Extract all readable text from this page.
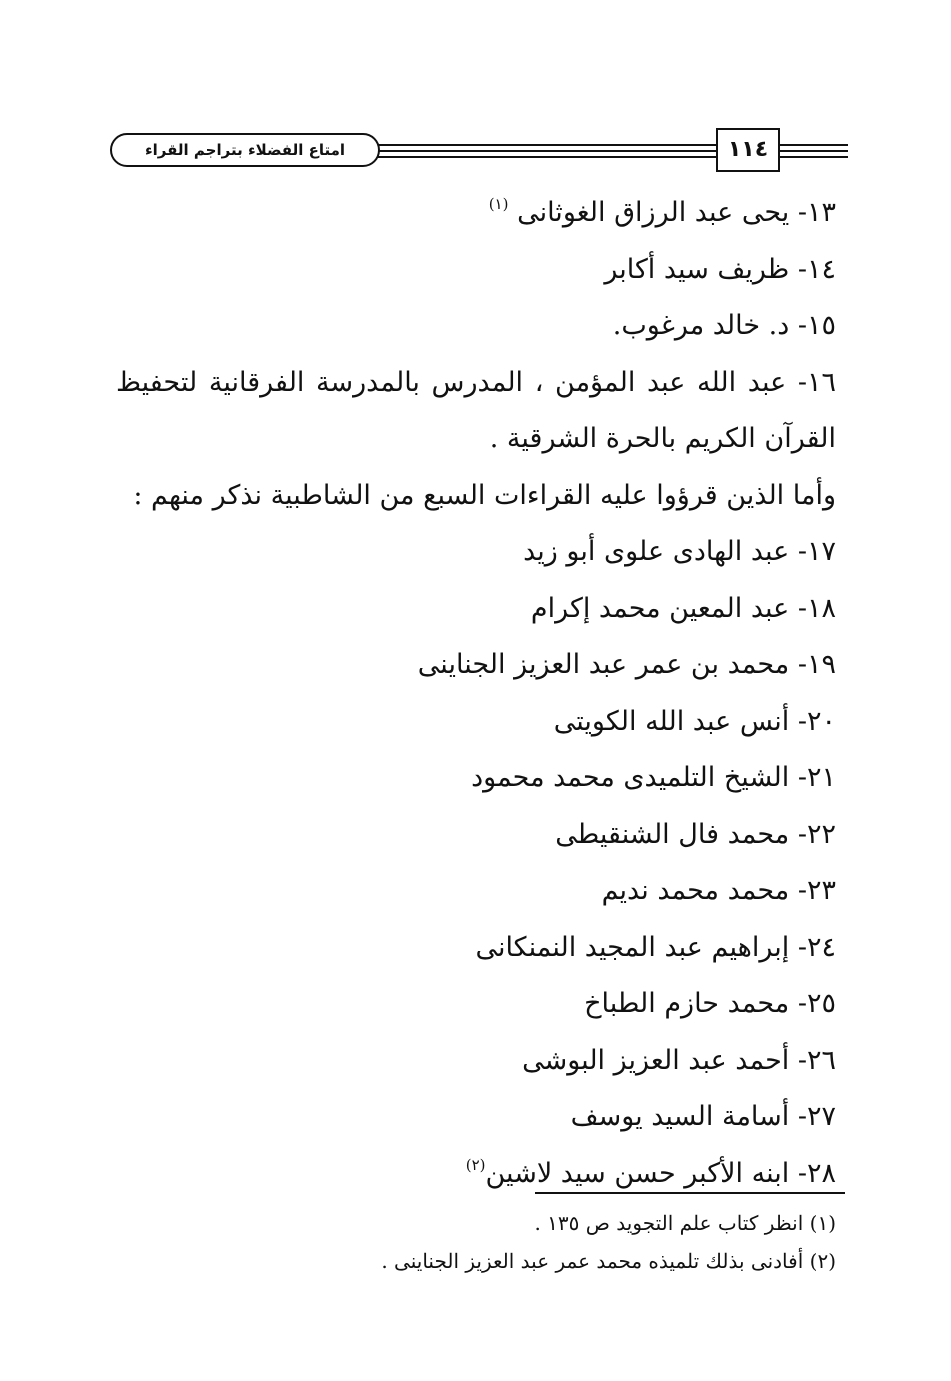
امتاع الفضلاء بتراجم القراء	١١٤
١٣- يحى عبد الرزاق الغوثانى $^{(١)}$
١٤- ظريف سيد أكابر
١٥- د. خالد مرغوب.
١٦- عبد الله عبد المؤمن ، المدرس بالمدرسة الفرقانية لتحفيظ القرآن الكريم بالحرة الشرقية .
وأما الذين قرؤوا عليه القراءات السبع من الشاطبية نذكر منهم :
١٧- عبد الهادى علوى أبو زيد
١٨- عبد المعين محمد إكرام
١٩- محمد بن عمر عبد العزيز الجناينى
٢٠- أنس عبد الله الكويتى
٢١- الشيخ التلميدى محمد محمود
٢٢- محمد فال الشنقيطى
٢٣- محمد محمد نديم
٢٤- إبراهيم عبد المجيد النمنكانى
٢٥- محمد حازم الطباخ
٢٦- أحمد عبد العزيز البوشى
٢٧- أسامة السيد يوسف
٢٨- ابنه الأكبر حسن سيد لاشين$^{(٢)}$
(١) انظر كتاب علم التجويد ص ١٣٥ .
(٢) أفادنى بذلك تلميذه محمد عمر عبد العزيز الجناينى .
